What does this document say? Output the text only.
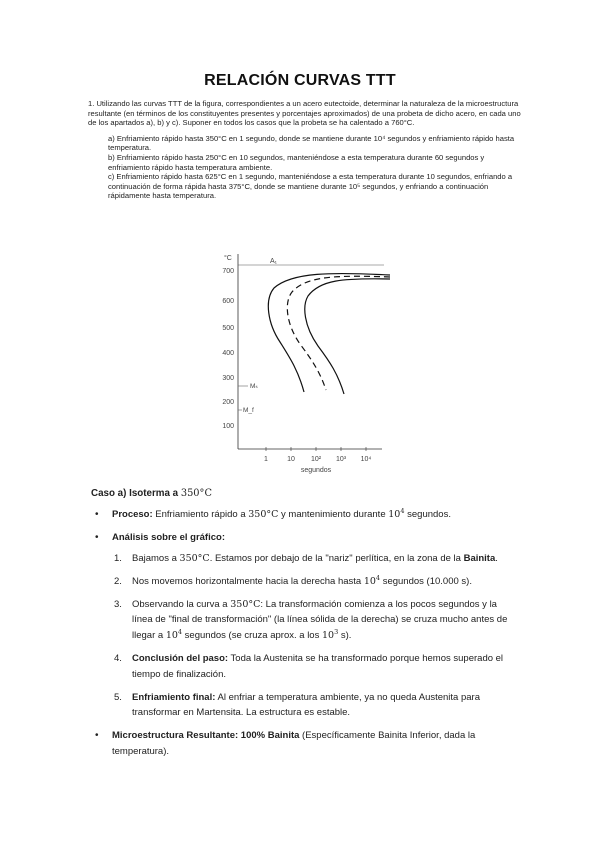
RELACIÓN CURVAS TTT

1. Utilizando las curvas TTT de la figura, correspondientes a un acero eutectoide, determinar la naturaleza de la microestructura resultante (en términos de los constituyentes presentes y porcentajes aproximados) de una probeta de dicho acero, en cada uno de los apartados a), b) y c). Suponer en todos los casos que la probeta se ha calentado a 760°C.

a) Enfriamiento rápido hasta 350°C en 1 segundo, donde se mantiene durante 10⁴ segundos y enfriamiento rápido hasta temperatura.
b) Enfriamiento rápido hasta 250°C en 10 segundos, manteniéndose a esta temperatura durante 60 segundos y enfriamiento rápido hasta temperatura ambiente.
c) Enfriamiento rápido hasta 625°C en 1 segundo, manteniéndose a esta temperatura durante 10 segundos, enfriando a continuación de forma rápida hasta 375°C, donde se mantiene durante 10⁵ segundos, y enfriando a continuación rápidamente hasta temperatura.
°C
700
600
500
400
300
200
100
1	10 10² 10³ 10⁴
segundos
A₁
Mₛ
M_f
Caso a) Isoterma a 350°C
• Proceso: Enfriamiento rápido a 350°C y mantenimiento durante $10^4$ segundos.
• Análisis sobre el gráfico:
1. Bajamos a 350°C. Estamos por debajo de la "nariz" perlítica, en la zona de la Bainita.
2. Nos movemos horizontalmente hacia la derecha hasta $10^4$ segundos (10.000 s).
3. Observando la curva a 350°C: La transformación comienza a los pocos segundos y la línea de "final de transformación" (la línea sólida de la derecha) se cruza mucho antes de llegar a $10^4$ segundos (se cruza aprox. a los $10^3$ s).
4. Conclusión del paso: Toda la Austenita se ha transformado porque hemos superado el tiempo de finalización.
5. Enfriamiento final: Al enfriar a temperatura ambiente, ya no queda Austenita para transformar en Martensita. La estructura es estable.
• Microestructura Resultante: 100% Bainita (Específicamente Bainita Inferior, dada la temperatura).
